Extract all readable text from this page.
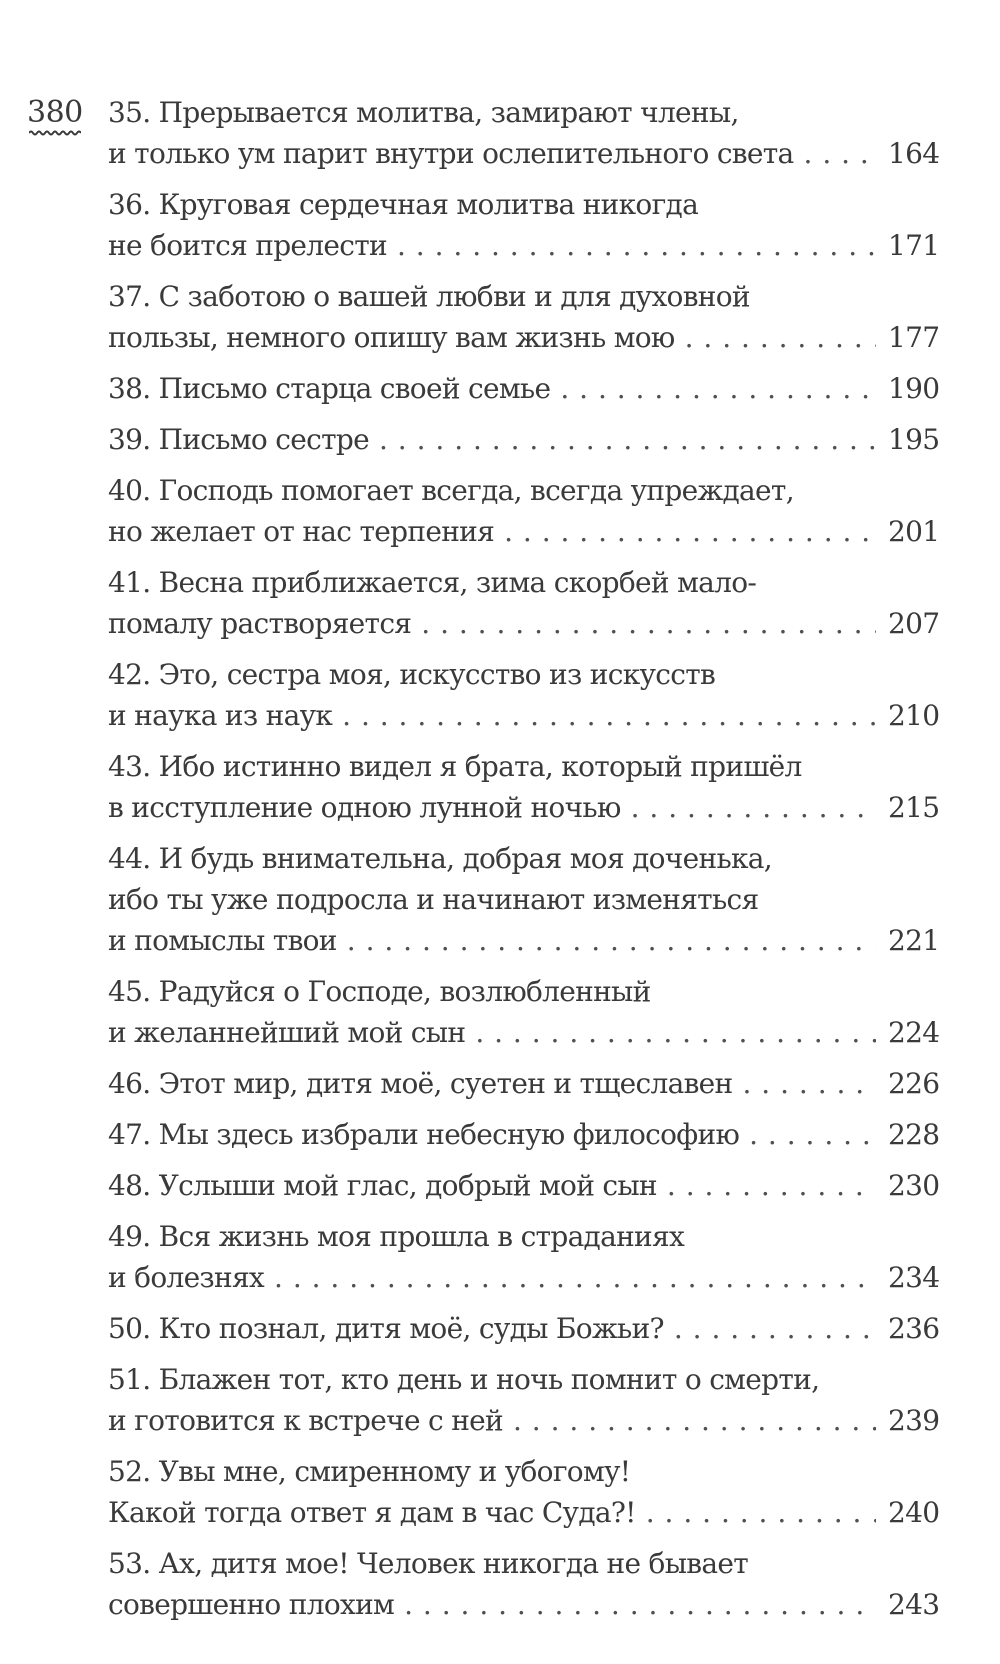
380 35. Прерывается молитва, замирают члены,
и только ум парит внутри ослепительного света . . .	164
36. Круговая сердечная молитва никогда
не боится прелести . . .	171
37. С заботою о вашей любви и для духовной
пользы, немного опишу вам жизнь мою . . .	177
38. Письмо старца своей семье . . .	190
39. Письмо сестре . . .	195
40. Господь помогает всегда, всегда упреждает,
но желает от нас терпения . . .	201
41. Весна приближается, зима скорбей мало-
помалу растворяется . . .	207
42. Это, сестра моя, искусство из искусств
и наука из наук . . .	210
43. Ибо истинно видел я брата, который пришёл
в исступление одною лунной ночью . . .	215
44. И будь внимательна, добрая моя доченька,
ибо ты уже подросла и начинают изменяться
и помыслы твои . . .	221
45. Радуйся о Господе, возлюбленный
и желаннейший мой сын . . .	224
46. Этот мир, дитя моё, суетен и тщеславен . . .	226
47. Мы здесь избрали небесную философию . . .	228
48. Услыши мой глас, добрый мой сын . . .	230
49. Вся жизнь моя прошла в страданиях
и болезнях . . .	234
50. Кто познал, дитя моё, суды Божьи? . . .	236
51. Блажен тот, кто день и ночь помнит о смерти,
и готовится к встрече с ней . . .	239
52. Увы мне, смиренному и убогому!
Какой тогда ответ я дам в час Суда?! . . .	240
53. Ах, дитя мое! Человек никогда не бывает
совершенно плохим . . .	243
